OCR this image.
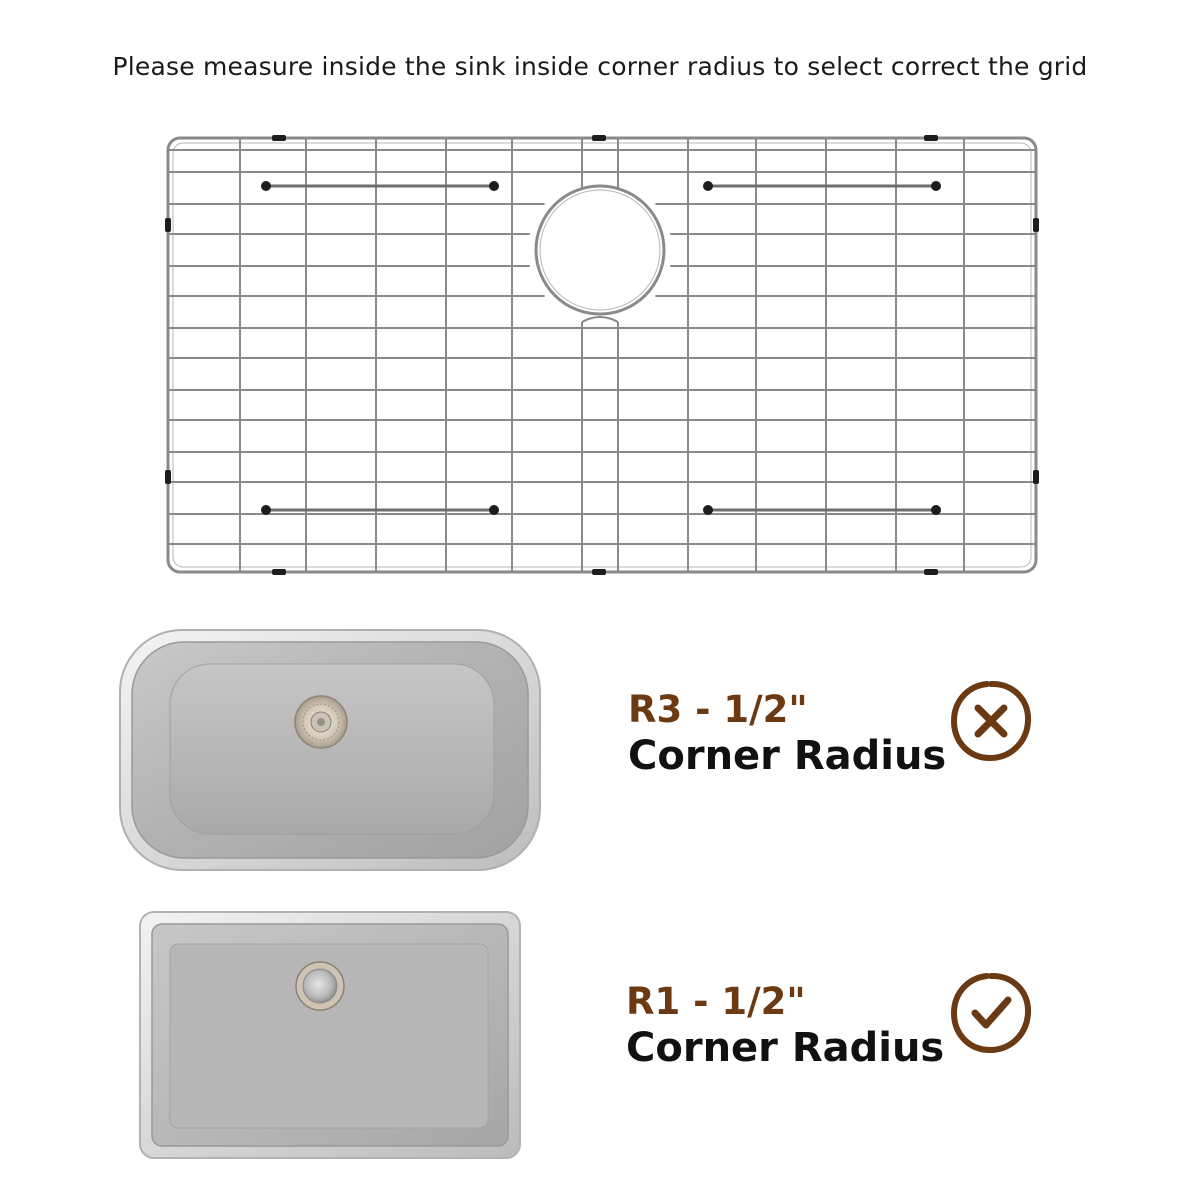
Please measure inside the sink inside corner radius to select correct the grid
R3 - 1/2"
Corner Radius
R1 - 1/2"
Corner Radius
